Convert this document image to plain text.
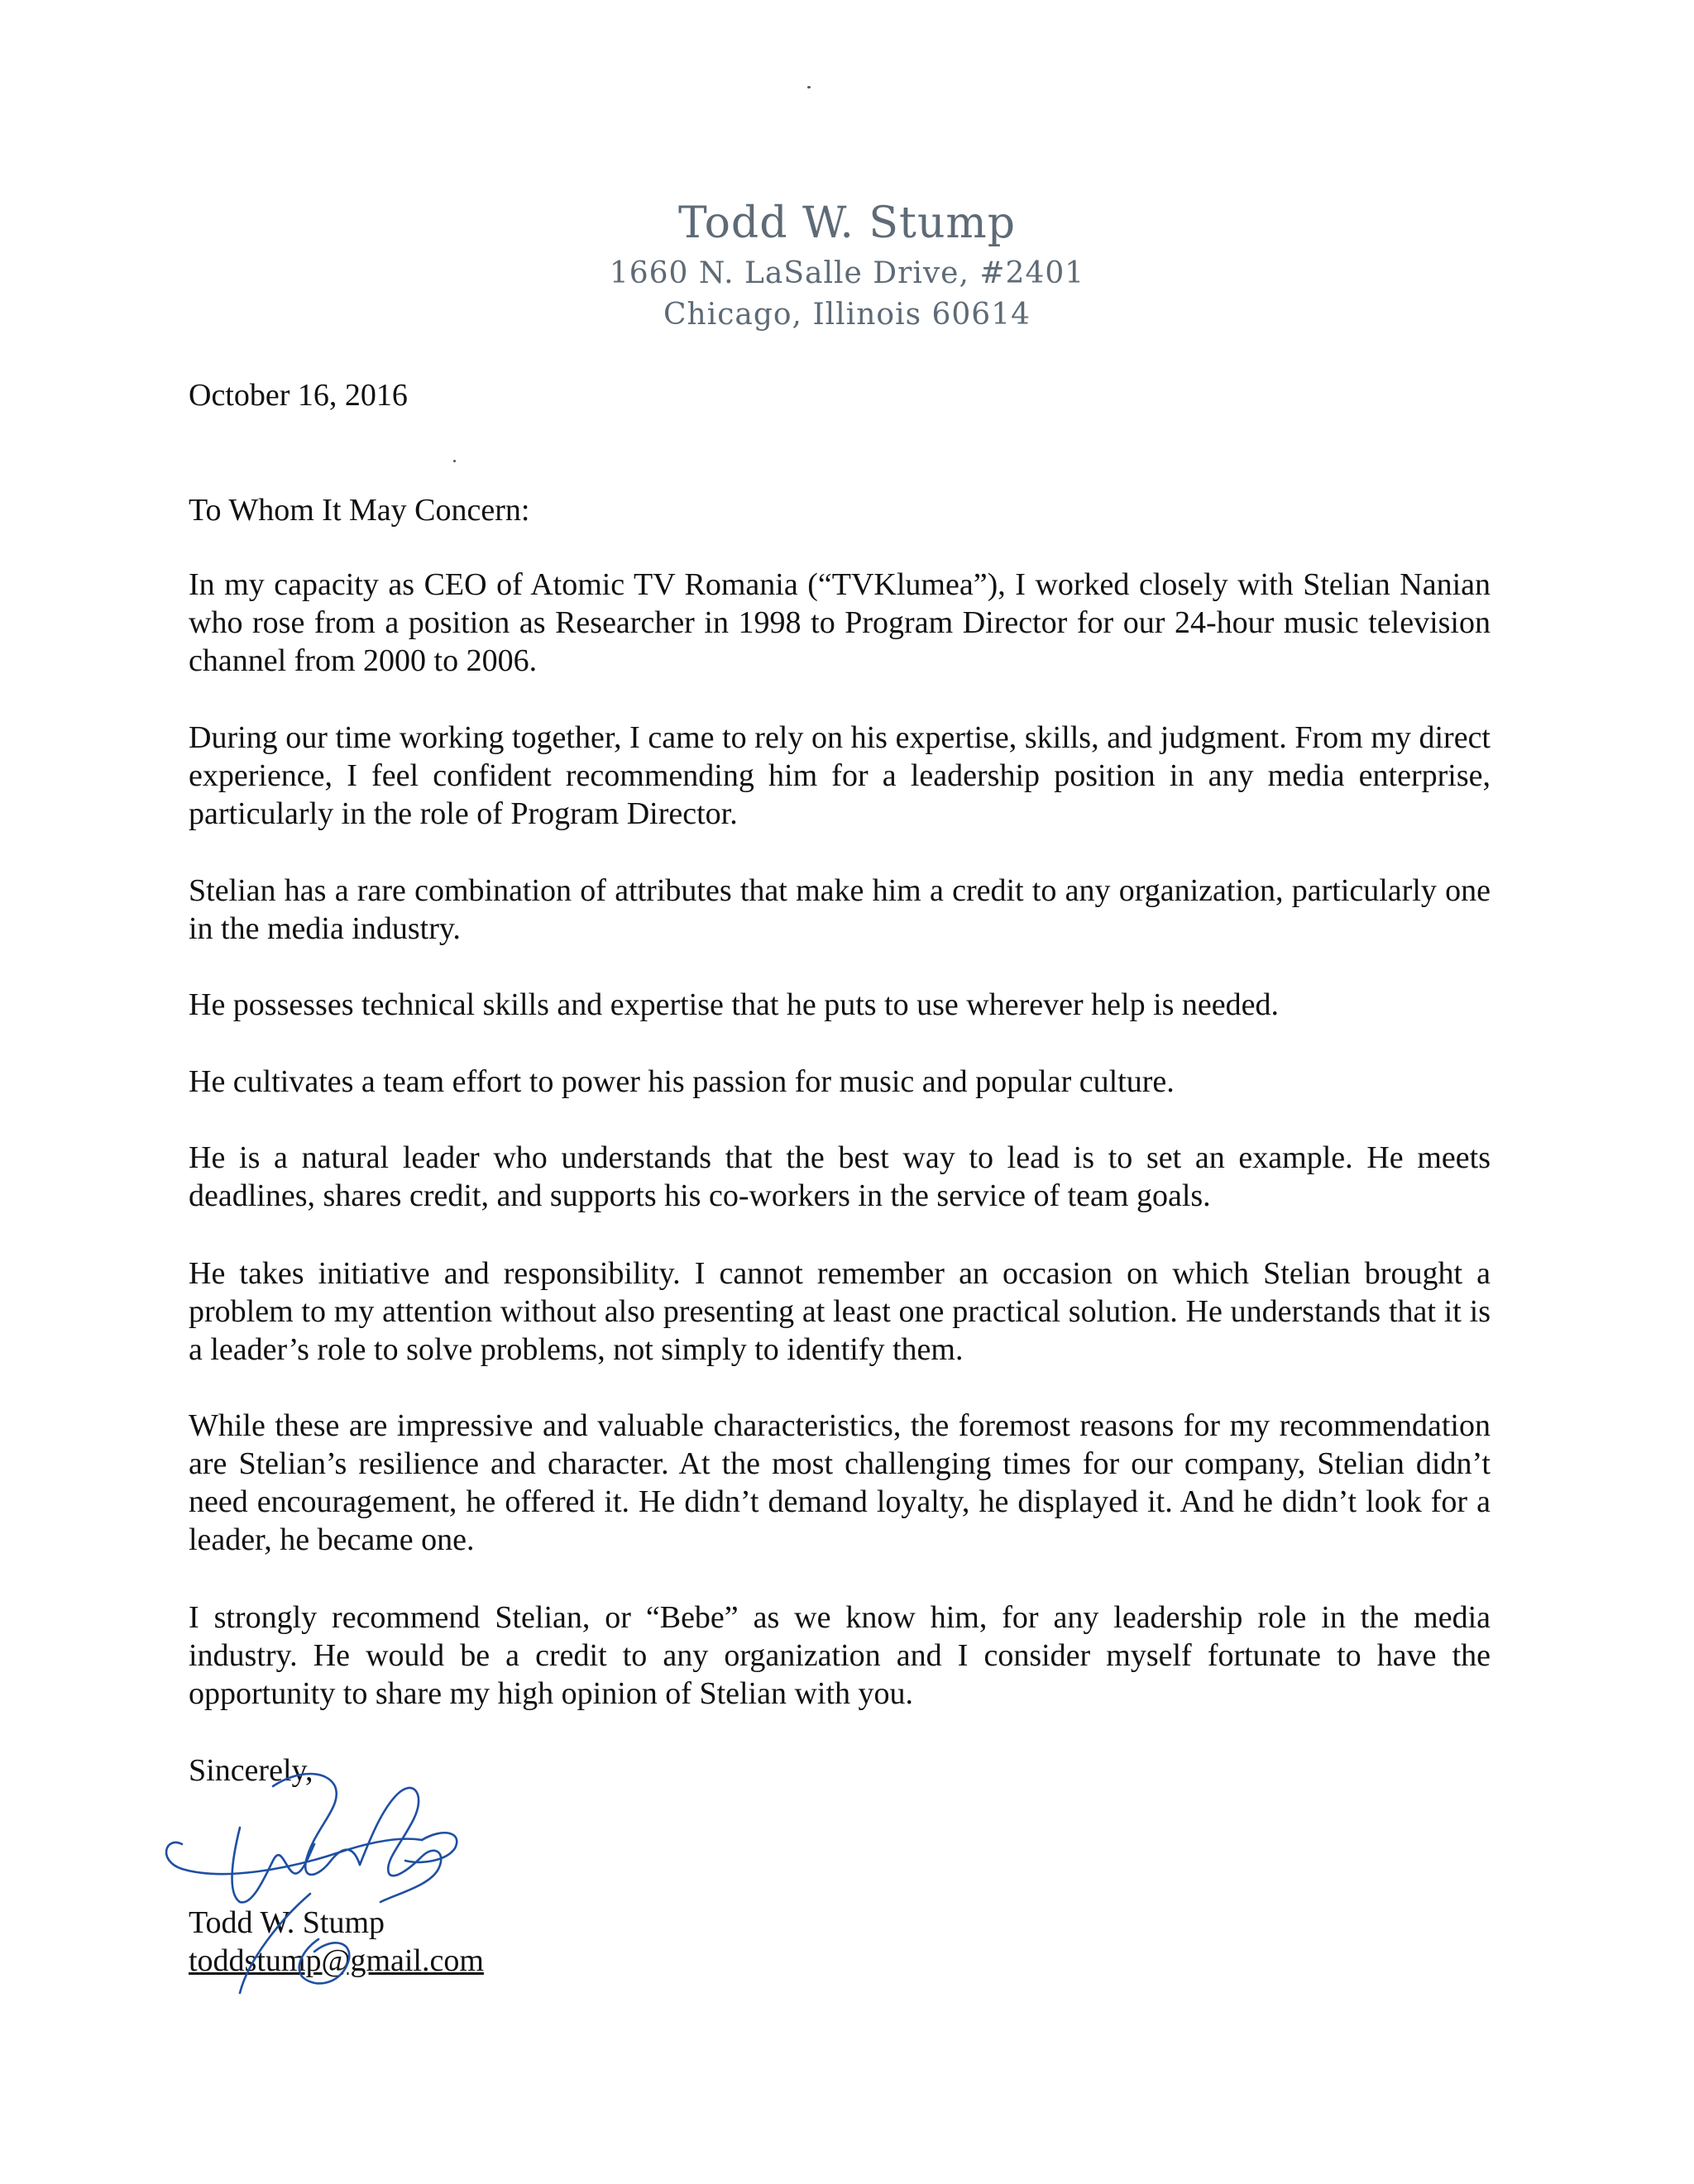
Todd W. Stump
1660 N. LaSalle Drive, #2401
Chicago, Illinois 60614
October 16, 2016
To Whom It May Concern:
In my capacity as CEO of Atomic TV Romania (“TVKlumea”), I worked closely with Stelian Nanian who rose from a position as Researcher in 1998 to Program Director for our 24-hour music television channel from 2000 to 2006.
During our time working together, I came to rely on his expertise, skills, and judgment. From my direct experience, I feel confident recommending him for a leadership position in any media enterprise, particularly in the role of Program Director.
Stelian has a rare combination of attributes that make him a credit to any organization, particularly one in the media industry.
He possesses technical skills and expertise that he puts to use wherever help is needed.
He cultivates a team effort to power his passion for music and popular culture.
He is a natural leader who understands that the best way to lead is to set an example. He meets deadlines, shares credit, and supports his co-workers in the service of team goals.
He takes initiative and responsibility. I cannot remember an occasion on which Stelian brought a problem to my attention without also presenting at least one practical solution. He understands that it is a leader’s role to solve problems, not simply to identify them.
While these are impressive and valuable characteristics, the foremost reasons for my recommendation are Stelian’s resilience and character. At the most challenging times for our company, Stelian didn’t need encouragement, he offered it. He didn’t demand loyalty, he displayed it. And he didn’t look for a leader, he became one.
I strongly recommend Stelian, or “Bebe” as we know him, for any leadership role in the media industry. He would be a credit to any organization and I consider myself fortunate to have the opportunity to share my high opinion of Stelian with you.
Sincerely,
Todd W. Stump
toddstump@gmail.com
